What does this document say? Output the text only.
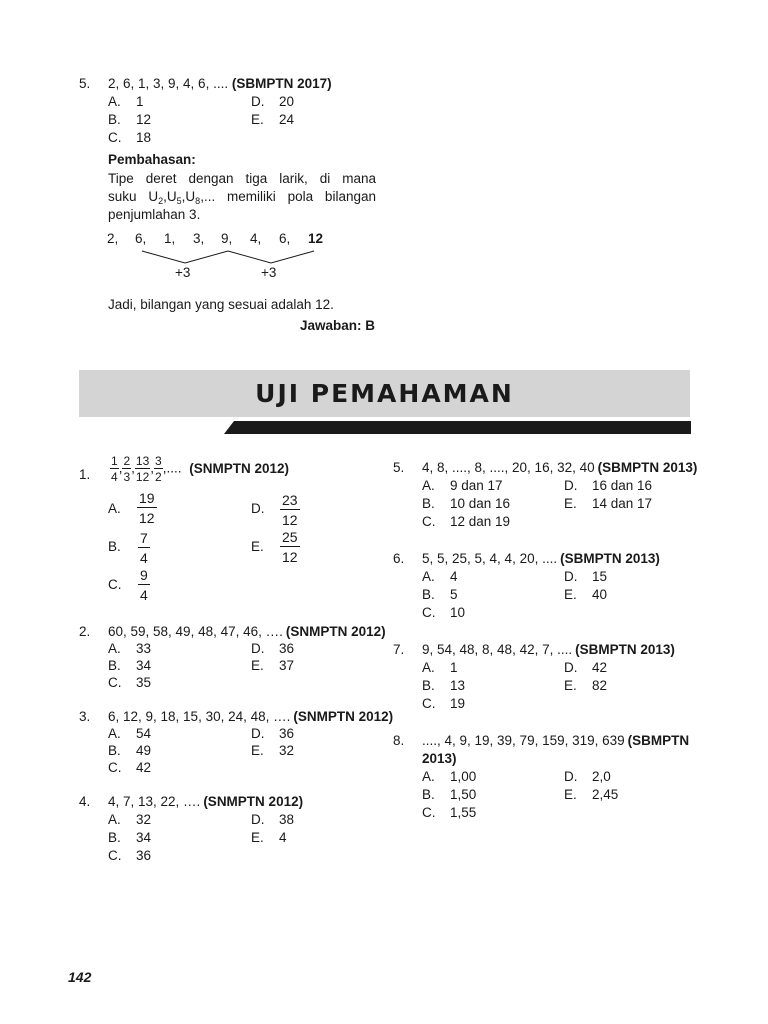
5. 2, 6, 1, 3, 9, 4, 6, .... (SBMPTN 2017)
A. 1	D. 20
B. 12	E. 24
C. 18
Pembahasan:
Tipe deret dengan tiga larik, di mana
suku $U_2,U_5,U_8$,... memiliki pola bilangan
penjumlahan 3.
2, 6, 1, 3, 9, 4, 6, 12
+3	+3
Jadi, bilangan yang sesuai adalah 12.
Jawaban: B
UJI PEMAHAMAN
1. $\frac{1}{4}$ , $\frac{2}{3}$ , $\frac{13}{12}$ , $\frac{3}{2}$ ,.... (SNMPTN 2012)
A. $\frac{19}{12}$	D. $\frac{23}{12}$
B. $\frac{7}{4}$	E. $\frac{25}{12}$
C. $\frac{9}{4}$
2. 60, 59, 58, 49, 48, 47, 46, …. (SNMPTN 2012)
A. 33	D. 36
B. 34	E. 37
C. 35
3. 6, 12, 9, 18, 15, 30, 24, 48, …. (SNMPTN 2012)
A. 54	D. 36
B. 49	E. 32
C. 42
4. 4, 7, 13, 22, …. (SNMPTN 2012)
A. 32	D. 38
B. 34	E. 4
C. 36
5. 4, 8, ...., 8, ...., 20, 16, 32, 40 (SBMPTN 2013)
A. 9 dan 17	D. 16 dan 16
B. 10 dan 16	E. 14 dan 17
C. 12 dan 19
6. 5, 5, 25, 5, 4, 4, 20, .... (SBMPTN 2013)
A. 4	D. 15
B. 5	E. 40
C. 10
7. 9, 54, 48, 8, 48, 42, 7, .... (SBMPTN 2013)
A. 1	D. 42
B. 13	E. 82
C. 19
8. ...., 4, 9, 19, 39, 79, 159, 319, 639 (SBMPTN
2013)
A. 1,00	D. 2,0
B. 1,50	E. 2,45
C. 1,55
142
